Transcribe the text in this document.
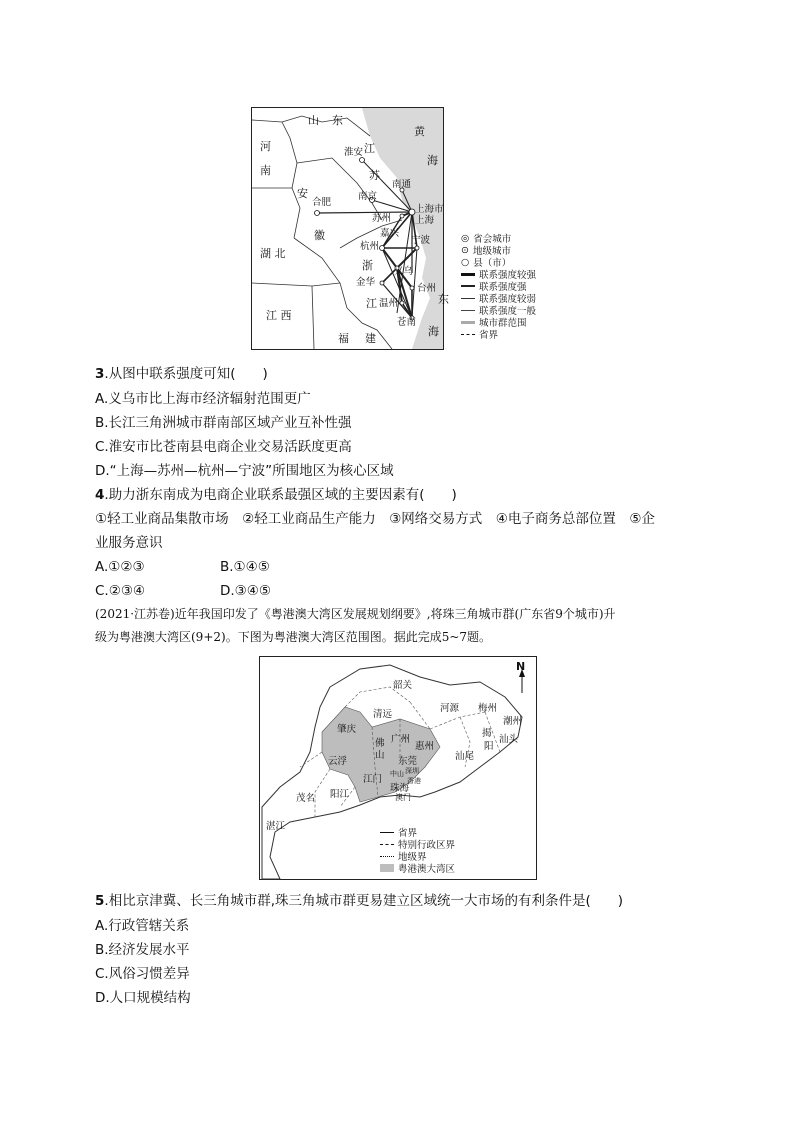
山 东
河
南
安
徽
湖 北
江 西
福 建
江
苏
浙
江
黄
海
东
海
淮安
合肥
南京
南通
苏州
上海市
上海
嘉兴
杭州
宁波
义乌
金华
台州
温州
苍南
◎ 省会城市
⊙ 地级城市
○ 县（市）
联系强度较强
联系强度强
联系强度较弱
联系强度一般
城市群范围
省界
3.从图中联系强度可知(　　)
A.义乌市比上海市经济辐射范围更广
B.长江三角洲城市群南部区域产业互补性强
C.淮安市比苍南县电商企业交易活跃度更高
D.“上海—苏州—杭州—宁波”所围地区为核心区域
4.助力浙东南成为电商企业联系最强区域的主要因素有(　　)
①轻工业商品集散市场　②轻工业商品生产能力　③网络交易方式　④电子商务总部位置　⑤企
业服务意识
A.①②③	B.①④⑤
C.②③④	D.③④⑤
(2021·江苏卷)近年我国印发了《粤港澳大湾区发展规划纲要》,将珠三角城市群(广东省9个城市)升
级为粤港澳大湾区(9+2)。下图为粤港澳大湾区范围图。据此完成5~7题。
N
韶关
清远
河源 梅州
潮州
揭
阳
汕头
汕尾
肇庆
佛
山
广州
惠州
东莞
深圳
香港
中山
珠海
澳门
江门
云浮
茂名 阳江
湛江
省界
特别行政区界
地级界
粤港澳大湾区
5.相比京津冀、长三角城市群,珠三角城市群更易建立区域统一大市场的有利条件是(　　)
A.行政管辖关系
B.经济发展水平
C.风俗习惯差异
D.人口规模结构
